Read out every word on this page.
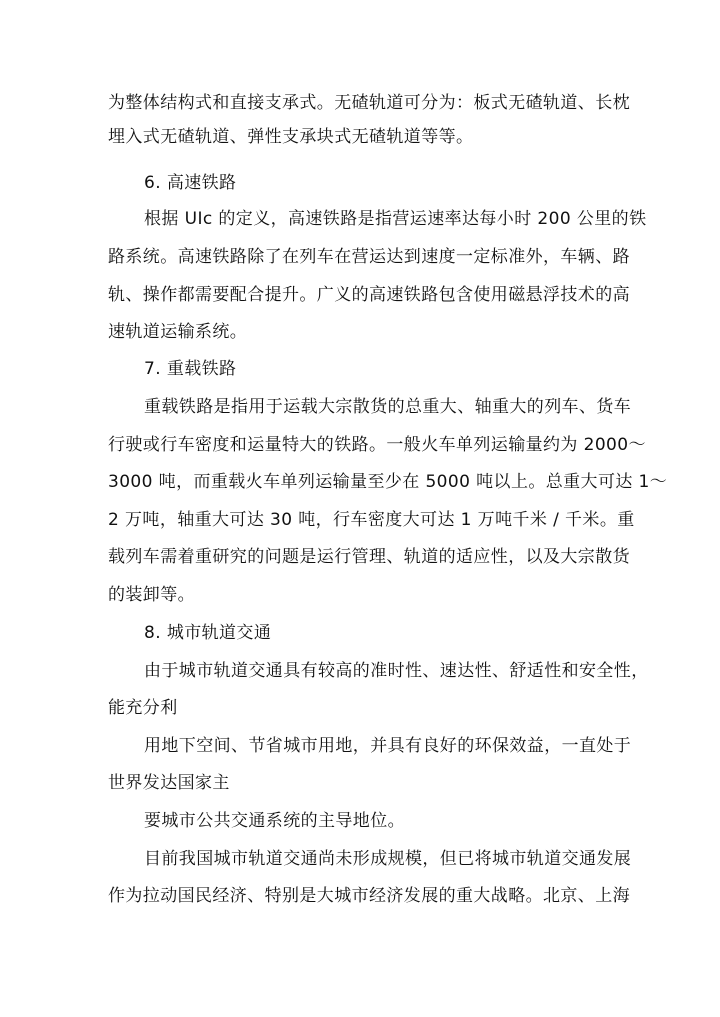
为整体结构式和直接支承式。无碴轨道可分为：板式无碴轨道、长枕
埋入式无碴轨道、弹性支承块式无碴轨道等等。
6. 高速铁路
根据 UIc 的定义，高速铁路是指营运速率达每小时 200 公里的铁
路系统。高速铁路除了在列车在营运达到速度一定标准外，车辆、路
轨、操作都需要配合提升。广义的高速铁路包含使用磁悬浮技术的高
速轨道运输系统。
7. 重载铁路
重载铁路是指用于运载大宗散货的总重大、轴重大的列车、货车
行驶或行车密度和运量特大的铁路。一般火车单列运输量约为 2000～
3000 吨，而重载火车单列运输量至少在 5000 吨以上。总重大可达 1～
2 万吨，轴重大可达 30 吨，行车密度大可达 1 万吨千米 / 千米。重
载列车需着重研究的问题是运行管理、轨道的适应性，以及大宗散货
的装卸等。
8. 城市轨道交通
由于城市轨道交通具有较高的准时性、速达性、舒适性和安全性，
能充分利
用地下空间、节省城市用地，并具有良好的环保效益，一直处于
世界发达国家主
要城市公共交通系统的主导地位。
目前我国城市轨道交通尚未形成规模，但已将城市轨道交通发展
作为拉动国民经济、特别是大城市经济发展的重大战略。北京、上海
